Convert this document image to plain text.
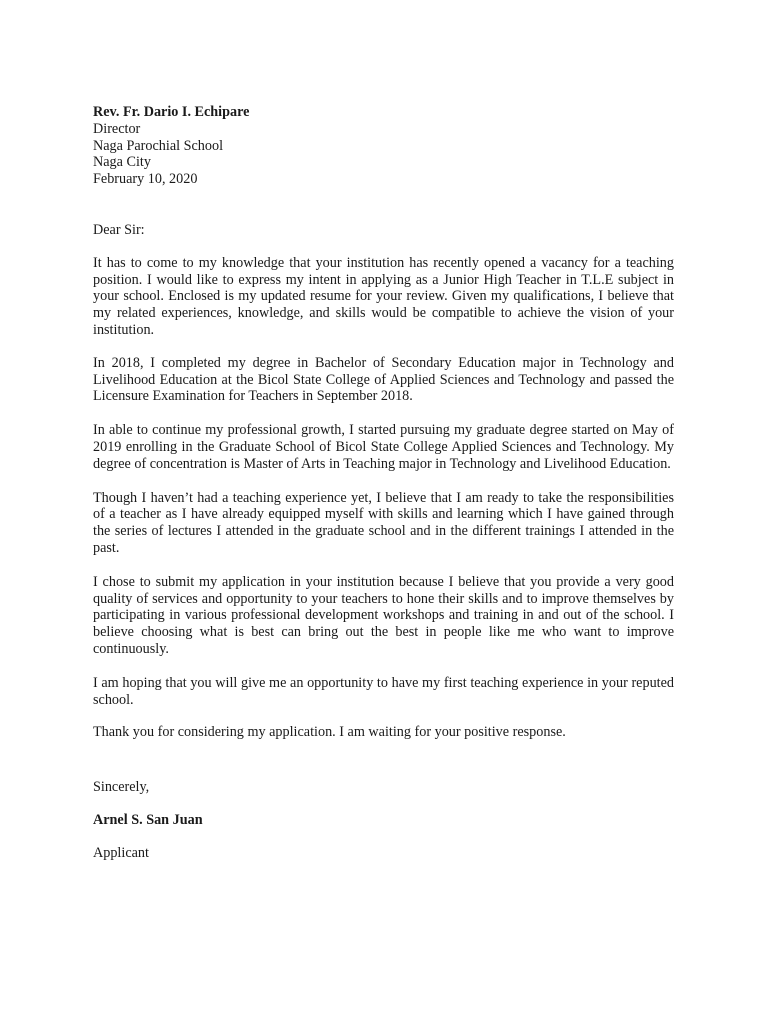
Rev. Fr. Dario I. Echipare
Director
Naga Parochial School
Naga City
February 10, 2020
Dear Sir:

It has to come to my knowledge that your institution has recently opened a vacancy for a teaching position. I would like to express my intent in applying as a Junior High Teacher in T.L.E subject in your school. Enclosed is my updated resume for your review. Given my qualifications, I believe that my related experiences, knowledge, and skills would be compatible to achieve the vision of your institution.

In 2018, I completed my degree in Bachelor of Secondary Education major in Technology and Livelihood Education at the Bicol State College of Applied Sciences and Technology and passed the Licensure Examination for Teachers in September 2018.

In able to continue my professional growth, I started pursuing my graduate degree started on May of 2019 enrolling in the Graduate School of Bicol State College Applied Sciences and Technology. My degree of concentration is Master of Arts in Teaching major in Technology and Livelihood Education.

Though I haven’t had a teaching experience yet, I believe that I am ready to take the responsibilities of a teacher as I have already equipped myself with skills and learning which I have gained through the series of lectures I attended in the graduate school and in the different trainings I attended in the past.

I chose to submit my application in your institution because I believe that you provide a very good quality of services and opportunity to your teachers to hone their skills and to improve themselves by participating in various professional development workshops and training in and out of the school. I believe choosing what is best can bring out the best in people like me who want to improve continuously.

I am hoping that you will give me an opportunity to have my first teaching experience in your reputed school.

Thank you for considering my application. I am waiting for your positive response.

Sincerely,
Arnel S. San Juan
Applicant
